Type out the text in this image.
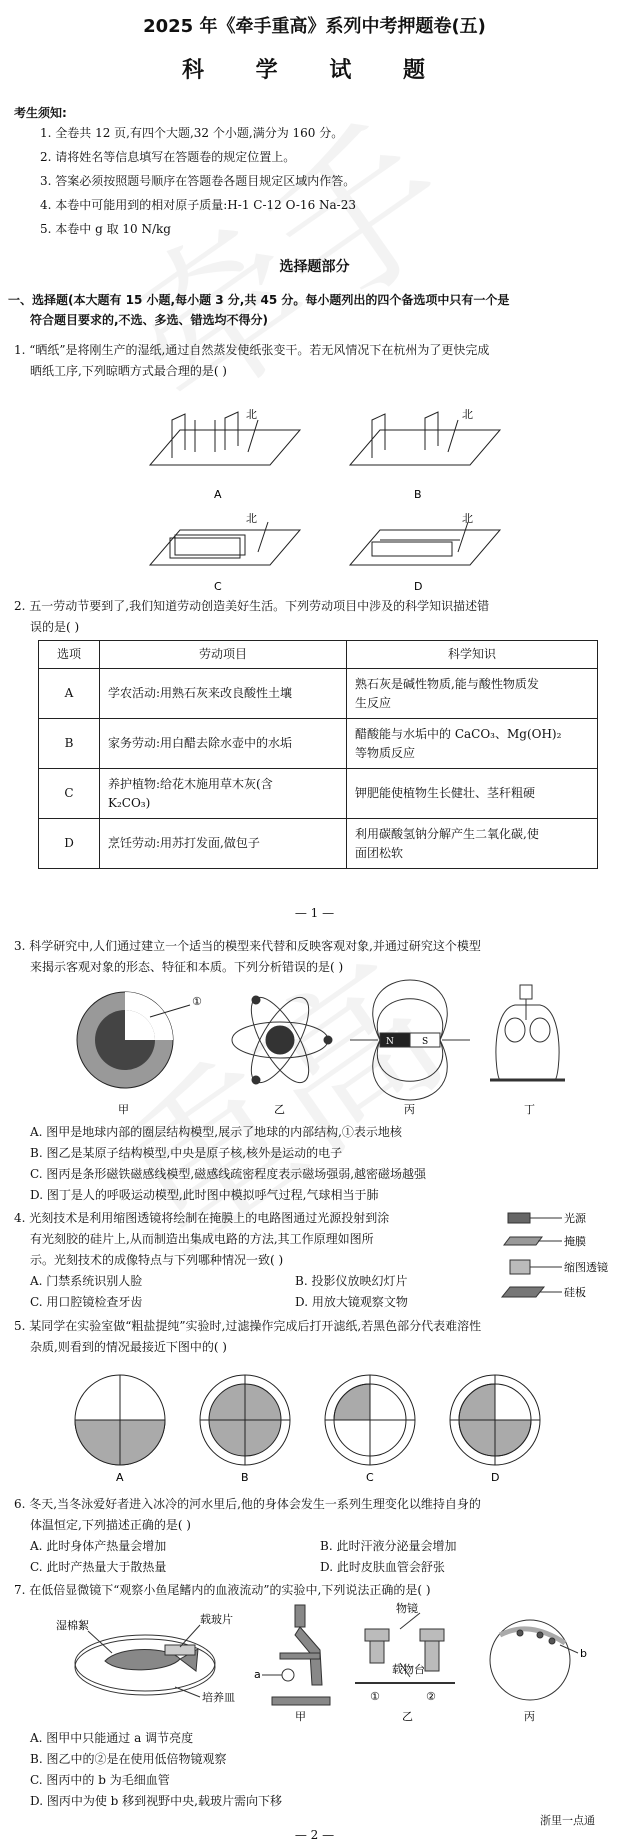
2025 年《牵手重高》系列中考押题卷(五)
科 学 试 题
考生须知:
1. 全卷共 12 页,有四个大题,32 个小题,满分为 160 分。
2. 请将姓名等信息填写在答题卷的规定位置上。
3. 答案必须按照题号顺序在答题卷各题目规定区域内作答。
4. 本卷中可能用到的相对原子质量:H-1 C-12 O-16 Na-23
5. 本卷中 g 取 10 N/kg
选择题部分
一、选择题(本大题有 15 小题,每小题 3 分,共 45 分。每小题列出的四个备选项中只有一个是
符合题目要求的,不选、多选、错选均不得分)
1. “晒纸”是将刚生产的湿纸,通过自然蒸发使纸张变干。若无风情况下在杭州为了更快完成
晒纸工序,下列晾晒方式最合理的是( )
北
A
北
B
北
C
北
D
2. 五一劳动节要到了,我们知道劳动创造美好生活。下列劳动项目中涉及的科学知识描述错
误的是( )
选项	劳动项目	科学知识
A	学农活动:用熟石灰来改良酸性土壤	熟石灰是碱性物质,能与酸性物质发
生反应

B	家务劳动:用白醋去除水壶中的水垢	醋酸能与水垢中的 CaCO₃、Mg(OH)₂
等物质反应

C	养护植物:给花木施用草木灰(含
K₂CO₃)	钾肥能使植物生长健壮、茎秆粗硬

D	烹饪劳动:用苏打发面,做包子	利用碳酸氢钠分解产生二氧化碳,使
面团松软
— 1 —
3. 科学研究中,人们通过建立一个适当的模型来代替和反映客观对象,并通过研究这个模型
来揭示客观对象的形态、特征和本质。下列分析错误的是( )
①
N	S
甲	乙	丙	丁
A. 图甲是地球内部的圈层结构模型,展示了地球的内部结构,①表示地核
B. 图乙是某原子结构模型,中央是原子核,核外是运动的电子
C. 图丙是条形磁铁磁感线模型,磁感线疏密程度表示磁场强弱,越密磁场越强
D. 图丁是人的呼吸运动模型,此时图中模拟呼气过程,气球相当于肺
4. 光刻技术是利用缩图透镜将绘制在掩膜上的电路图通过光源投射到涂
有光刻胶的硅片上,从而制造出集成电路的方法,其工作原理如图所
示。光刻技术的成像特点与下列哪种情况一致( )
A. 门禁系统识别人脸	B. 投影仪放映幻灯片
C. 用口腔镜检查牙齿	D. 用放大镜观察文物
光源
掩膜
缩图透镜
硅板
5. 某同学在实验室做“粗盐提纯”实验时,过滤操作完成后打开滤纸,若黑色部分代表难溶性
杂质,则看到的情况最接近下图中的( )
A	B	C	D
6. 冬天,当冬泳爱好者进入冰冷的河水里后,他的身体会发生一系列生理变化以维持自身的
体温恒定,下列描述正确的是( )
A. 此时身体产热量会增加	B. 此时汗液分泌量会增加
C. 此时产热量大于散热量	D. 此时皮肤血管会舒张
7. 在低倍显微镜下“观察小鱼尾鳍内的血液流动”的实验中,下列说法正确的是( )
湿棉絮	载玻片
培养皿
a
甲
物镜
载物台
①	②
乙
b
丙
A. 图甲中只能通过 a 调节亮度
B. 图乙中的②是在使用低倍物镜观察
C. 图丙中的 b 为毛细血管
D. 图丙中为使 b 移到视野中央,载玻片需向下移
浙里一点通
— 2 —
